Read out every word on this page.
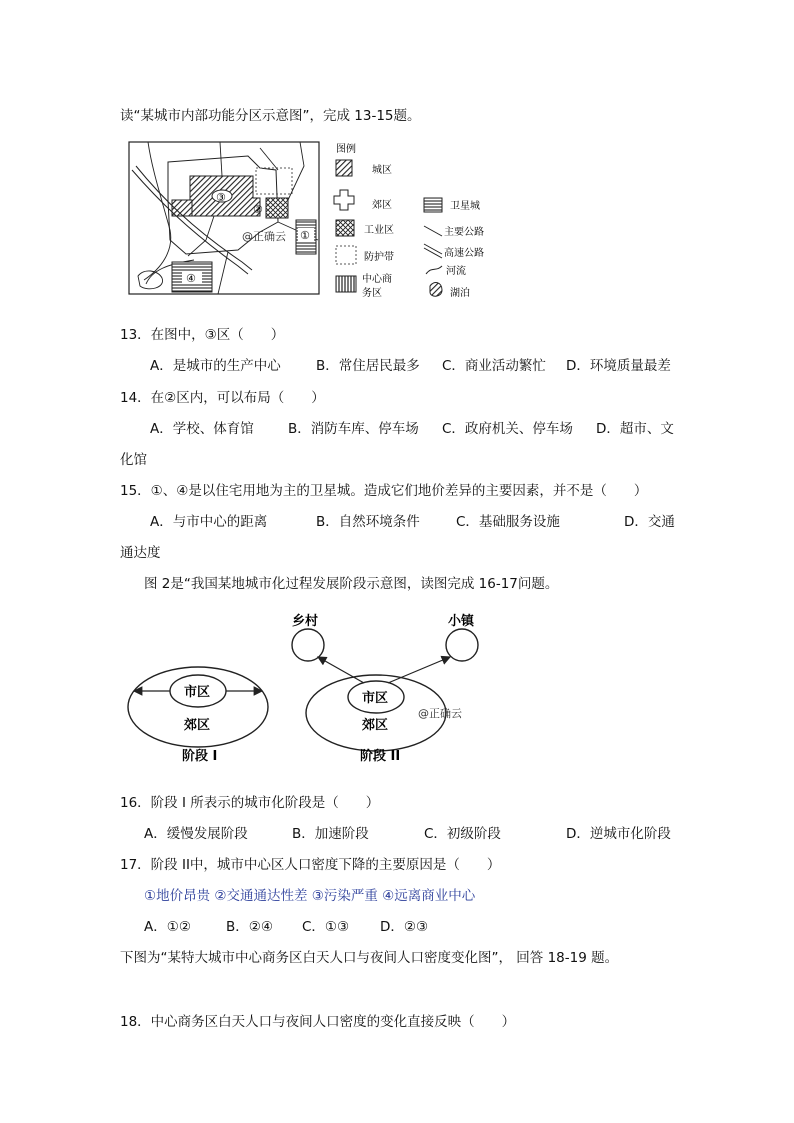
读“某城市内部功能分区示意图”，完成 13-15题。
③
②
①
④
@正确云
图例
城区
郊区
工业区
防护带
中心商
务区
卫星城
主要公路
高速公路
河流
湖泊
13．在图中，③区（　　）
A．是城市的生产中心	B．常住居民最多 C．商业活动繁忙 D．环境质量最差
14．在②区内，可以布局（　　）
A．学校、体育馆	B．消防车库、停车场 C．政府机关、停车场 D．超市、文
化馆
15．①、④是以住宅用地为主的卫星城。造成它们地价差异的主要因素，并不是（　　）
A．与市中心的距离	B．自然环境条件	C．基础服务设施	D．交通
通达度
图 2是“我国某地城市化过程发展阶段示意图，读图完成 16-17问题。
市区
郊区
阶段 I
乡村	小镇
市区
郊区
阶段 II
@正确云
16．阶段 I 所表示的城市化阶段是（　　）
A．缓慢发展阶段	B．加速阶段	C．初级阶段	D．逆城市化阶段
17．阶段 II中，城市中心区人口密度下降的主要原因是（　　）
①地价昂贵 ②交通通达性差 ③污染严重 ④远离商业中心
A．①②	B．②④ C．①③ D．②③
下图为“某特大城市中心商务区白天人口与夜间人口密度变化图”， 回答 18-19 题。
18．中心商务区白天人口与夜间人口密度的变化直接反映（　　）
